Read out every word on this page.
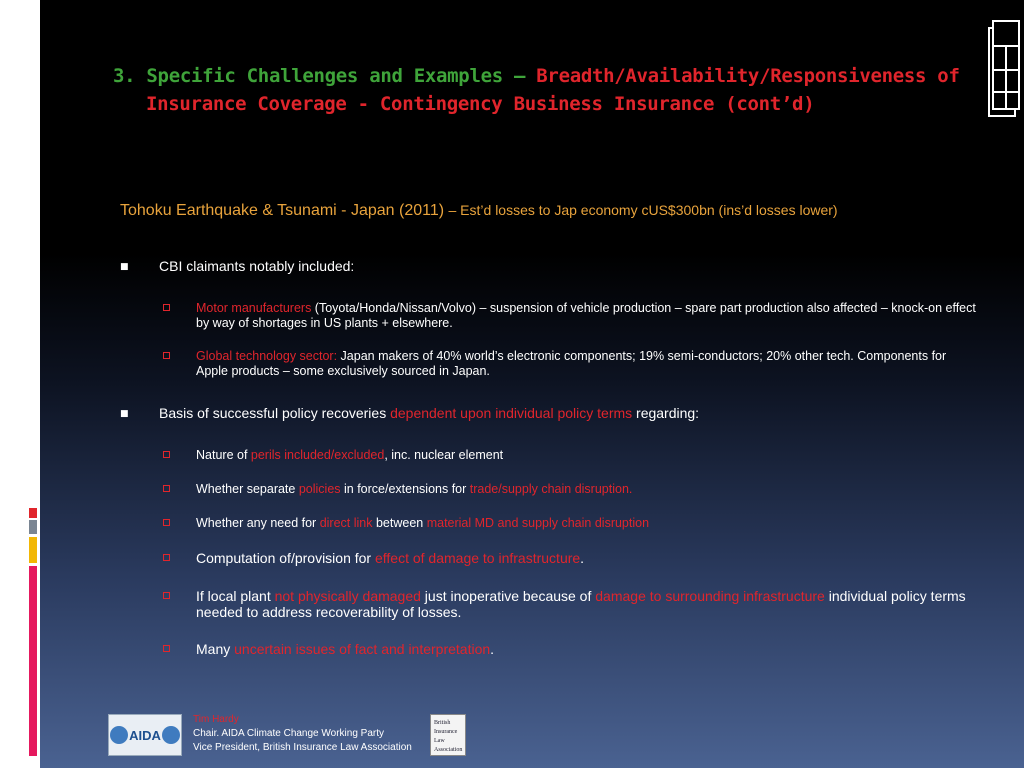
3. Specific Challenges and Examples – Breadth/Availability/Responsiveness of
Insurance Coverage - Contingency Business Insurance (cont’d)
Tohoku Earthquake & Tsunami - Japan (2011) – Est’d losses to Jap economy cUS$300bn (ins’d losses lower)
■ CBI claimants notably included:
Motor manufacturers (Toyota/Honda/Nissan/Volvo) – suspension of vehicle production – spare part production also affected – knock-on effect by way of shortages in US plants + elsewhere.
Global technology sector: Japan makers of 40% world’s electronic components; 19% semi-conductors; 20% other tech. Components for Apple products – some exclusively sourced in Japan.
■ Basis of successful policy recoveries dependent upon individual policy terms regarding:
Nature of perils included/excluded, inc. nuclear element
Whether separate policies in force/extensions for trade/supply chain disruption.
Whether any need for direct link between material MD and supply chain disruption
Computation of/provision for effect of damage to infrastructure.
If local plant not physically damaged just inoperative because of damage to surrounding infrastructure individual policy terms needed to address recoverability of losses.
Many uncertain issues of fact and interpretation.
AIDA
Tim Hardy
Chair. AIDA Climate Change Working Party
Vice President, British Insurance Law Association
British
Insurance
Law
Association
